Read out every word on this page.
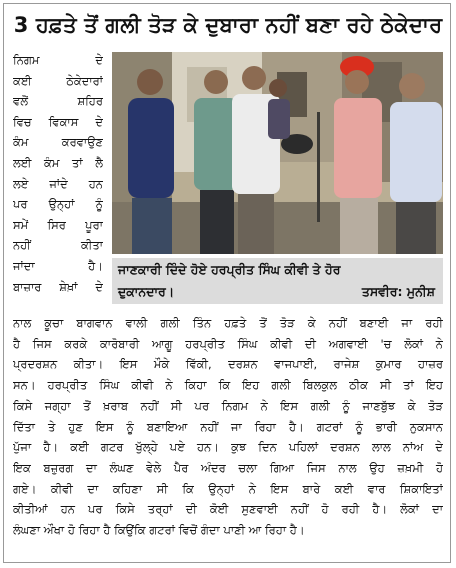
3 ਹਫ਼ਤੇ ਤੋਂ ਗਲੀ ਤੋੜ ਕੇ ਦੁਬਾਰਾ ਨਹੀਂ ਬਣਾ ਰਹੇ ਠੇਕੇਦਾਰ
ਨਿਗਮ ਦੇ
ਕਈ ਠੇਕੇਦਾਰਾਂ
ਵਲੋਂ ਸ਼ਹਿਰ
ਵਿਚ ਵਿਕਾਸ ਦੇ
ਕੰਮ ਕਰਵਾਉਣ
ਲਈ ਕੰਮ ਤਾਂ ਲੈ
ਲਏ ਜਾਂਦੇ ਹਨ
ਪਰ ਉਨ੍ਹਾਂ ਨੂੰ
ਸਮੇਂ ਸਿਰ ਪੂਰਾ
ਨਹੀਂ ਕੀਤਾ
ਜਾਂਦਾ ਹੈ।
ਬਾਜ਼ਾਰ ਸ਼ੇਖ਼ਾਂ ਦੇ
ਜਾਣਕਾਰੀ ਦਿੰਦੇ ਹੋਏ ਹਰਪ੍ਰੀਤ ਸਿੰਘ ਕੀਵੀ ਤੇ ਹੋਰ
ਦੁਕਾਨਦਾਰ।	ਤਸਵੀਰ: ਮੁਨੀਸ਼
ਨਾਲ ਕੂਚਾ ਬਾਗਵਾਨ ਵਾਲੀ ਗਲੀ ਤਿੰਨ ਹਫ਼ਤੇ ਤੋਂ ਤੋੜ ਕੇ ਨਹੀਂ ਬਣਾਈ ਜਾ ਰਹੀ
ਹੈ ਜਿਸ ਕਰਕੇ ਕਾਰੋਬਾਰੀ ਆਗੂ ਹਰਪ੍ਰੀਤ ਸਿੰਘ ਕੀਵੀ ਦੀ ਅਗਵਾਈ 'ਚ ਲੋਕਾਂ ਨੇ
ਪ੍ਰਦਰਸ਼ਨ ਕੀਤਾ। ਇਸ ਮੌਕੇ ਵਿੱਕੀ, ਦਰਸ਼ਨ ਵਾਜਪਾਈ, ਰਾਜੇਸ਼ ਕੁਮਾਰ ਹਾਜ਼ਰ
ਸਨ। ਹਰਪ੍ਰੀਤ ਸਿੰਘ ਕੀਵੀ ਨੇ ਕਿਹਾ ਕਿ ਇਹ ਗਲੀ ਬਿਲਕੁਲ ਠੀਕ ਸੀ ਤਾਂ ਇਹ
ਕਿਸੇ ਜਗ੍ਹਾ ਤੋਂ ਖ਼ਰਾਬ ਨਹੀਂ ਸੀ ਪਰ ਨਿਗਮ ਨੇ ਇਸ ਗਲੀ ਨੂੰ ਜਾਣਬੁੱਝ ਕੇ ਤੋੜ
ਦਿੱਤਾ ਤੇ ਹੁਣ ਇਸ ਨੂੰ ਬਣਾਇਆ ਨਹੀਂ ਜਾ ਰਿਹਾ ਹੈ। ਗਟਰਾਂ ਨੂੰ ਭਾਰੀ ਨੁਕਸਾਨ
ਪੁੱਜਾ ਹੈ। ਕਈ ਗਟਰ ਖੁੱਲ੍ਹੇ ਪਏ ਹਨ। ਕੁਝ ਦਿਨ ਪਹਿਲਾਂ ਦਰਸ਼ਨ ਲਾਲ ਨਾਂਅ ਦੇ
ਇਕ ਬਜ਼ੁਰਗ ਦਾ ਲੰਘਣ ਵੇਲੇ ਪੈਰ ਅੰਦਰ ਚਲਾ ਗਿਆ ਜਿਸ ਨਾਲ ਉਹ ਜ਼ਖ਼ਮੀ ਹੋ
ਗਏ। ਕੀਵੀ ਦਾ ਕਹਿਣਾ ਸੀ ਕਿ ਉਨ੍ਹਾਂ ਨੇ ਇਸ ਬਾਰੇ ਕਈ ਵਾਰ ਸ਼ਿਕਾਇਤਾਂ
ਕੀਤੀਆਂ ਹਨ ਪਰ ਕਿਸੇ ਤਰ੍ਹਾਂ ਦੀ ਕੋਈ ਸੁਣਵਾਈ ਨਹੀਂ ਹੋ ਰਹੀ ਹੈ। ਲੋਕਾਂ ਦਾ
ਲੰਘਣਾ ਔਖਾ ਹੋ ਰਿਹਾ ਹੈ ਕਿਉਂਕਿ ਗਟਰਾਂ ਵਿਚੋਂ ਗੰਦਾ ਪਾਣੀ ਆ ਰਿਹਾ ਹੈ।
